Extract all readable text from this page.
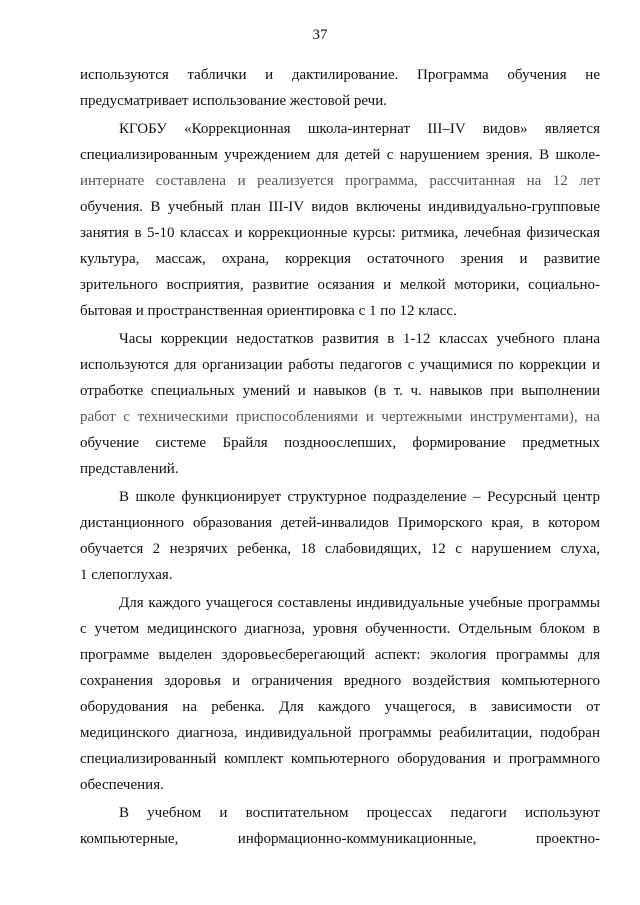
37
используются таблички и дактилирование. Программа обучения не
предусматривает использование жестовой речи.
КГОБУ «Коррекционная школа-интернат III–IV видов» является
специализированным учреждением для детей с нарушением зрения. В школе-
интернате составлена и реализуется программа, рассчитанная на 12 лет
обучения. В учебный план III-IV видов включены индивидуально-групповые
занятия в 5-10 классах и коррекционные курсы: ритмика, лечебная физическая
культура, массаж, охрана, коррекция остаточного зрения и развитие
зрительного восприятия, развитие осязания и мелкой моторики, социально-
бытовая и пространственная ориентировка с 1 по 12 класс.
Часы коррекции недостатков развития в 1-12 классах учебного плана
используются для организации работы педагогов с учащимися по коррекции и
отработке специальных умений и навыков (в т. ч. навыков при выполнении
работ с техническими приспособлениями и чертежными инструментами), на
обучение системе Брайля поздноослепших, формирование предметных
представлений.
В школе функционирует структурное подразделение – Ресурсный центр
дистанционного образования детей-инвалидов Приморского края, в котором
обучается 2 незрячих ребенка, 18 слабовидящих, 12 с нарушением слуха,
1 слепоглухая.
Для каждого учащегося составлены индивидуальные учебные программы
с учетом медицинского диагноза, уровня обученности. Отдельным блоком в
программе выделен здоровьесберегающий аспект: экология программы для
сохранения здоровья и ограничения вредного воздействия компьютерного
оборудования на ребенка. Для каждого учащегося, в зависимости от
медицинского диагноза, индивидуальной программы реабилитации, подобран
специализированный комплект компьютерного оборудования и программного
обеспечения.
В учебном и воспитательном процессах педагоги используют
компьютерные, информационно-коммуникационные, проектно-
